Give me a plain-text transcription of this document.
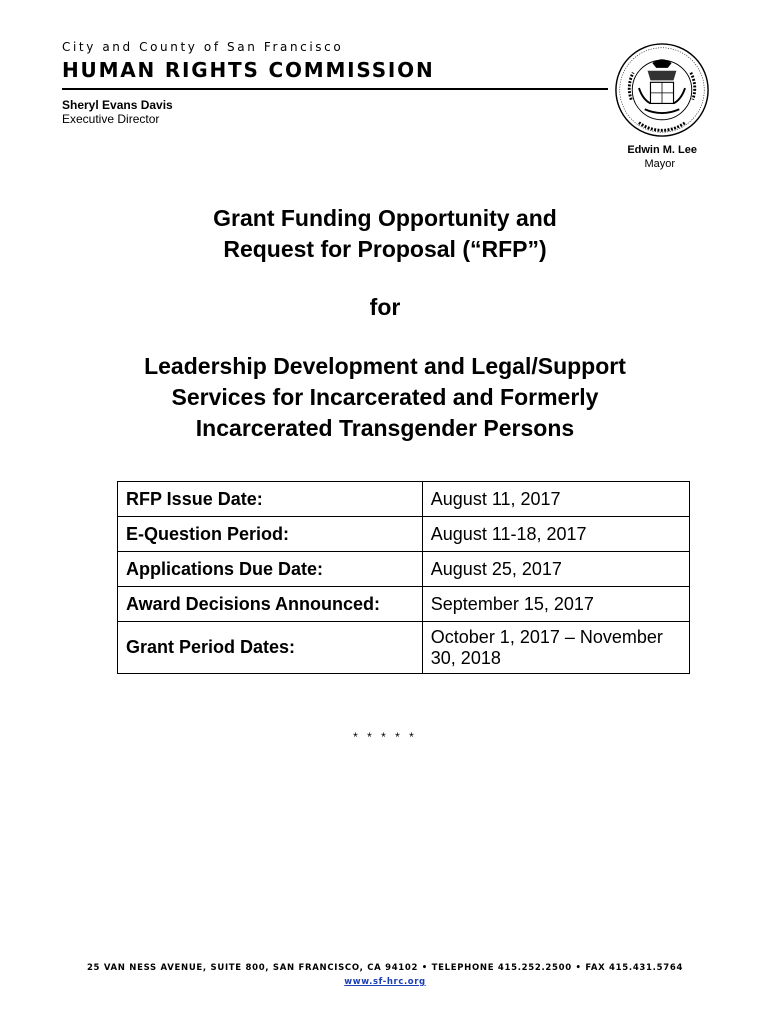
City and County of San Francisco
HUMAN RIGHTS COMMISSION
Sheryl Evans Davis
Executive Director
Edwin M. Lee
Mayor
Grant Funding Opportunity and
Request for Proposal (“RFP”)
for
Leadership Development and Legal/Support
Services for Incarcerated and Formerly
Incarcerated Transgender Persons
RFP Issue Date:	August 11, 2017
E-Question Period:	August 11-18, 2017
Applications Due Date:	August 25, 2017
Award Decisions Announced:	September 15, 2017
Grant Period Dates:	October 1, 2017 – November 30, 2018
* * * * *
25 VAN NESS AVENUE, SUITE 800, SAN FRANCISCO, CA 94102 • TELEPHONE 415.252.2500 • FAX 415.431.5764
www.sf-hrc.org
